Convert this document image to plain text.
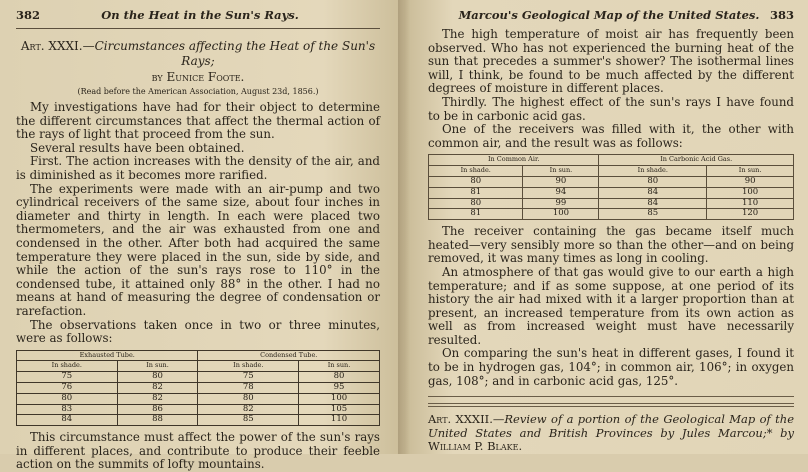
382	On the Heat in the Sun's Rays.
Art. XXXI.—Circumstances affecting the Heat of the Sun's Rays;
by Eunice Foote.
(Read before the American Association, August 23d, 1856.)

My investigations have had for their object to determine the different circumstances that affect the thermal action of the rays of light that proceed from the sun.

Several results have been obtained.

First. The action increases with the density of the air, and is diminished as it becomes more rarified.

The experiments were made with an air-pump and two cylindrical receivers of the same size, about four inches in diameter and thirty in length. In each were placed two thermometers, and the air was exhausted from one and condensed in the other. After both had acquired the same temperature they were placed in the sun, side by side, and while the action of the sun's rays rose to 110° in the condensed tube, it attained only 88° in the other. I had no means at hand of measuring the degree of condensation or rarefaction.

The observations taken once in two or three minutes, were as follows:

Exhausted Tube.		Condensed Tube.	
In shade.	In sun.	In shade.	In sun.
75	80	75	80
76	82	78	95
80	82	80	100
83	86	82	105
84	88	85	110

This circumstance must affect the power of the sun's rays in different places, and contribute to produce their feeble action on the summits of lofty mountains.

Marcou's Geological Map of the United States. 383

The high temperature of moist air has frequently been observed. Who has not experienced the burning heat of the sun that precedes a summer's shower? The isothermal lines will, I think, be found to be much affected by the different degrees of moisture in different places.

Thirdly. The highest effect of the sun's rays I have found to be in carbonic acid gas.

One of the receivers was filled with it, the other with common air, and the result was as follows:

In Common Air.		In Carbonic Acid Gas.	
In shade.	In sun.	In shade.	In sun.
80	90	80	90
81	94	84	100
80	99	84	110
81	100	85	120

The receiver containing the gas became itself much heated—very sensibly more so than the other—and on being removed, it was many times as long in cooling.

An atmosphere of that gas would give to our earth a high temperature; and if as some suppose, at one period of its history the air had mixed with it a larger proportion than at present, an increased temperature from its own action as well as from increased weight must have necessarily resulted.

On comparing the sun's heat in different gases, I found it to be in hydrogen gas, 104°; in common air, 106°; in oxygen gas, 108°; and in carbonic acid gas, 125°.

Art. XXXII.—Review of a portion of the Geological Map of the United States and British Provinces by Jules Marcou;* by William P. Blake.
